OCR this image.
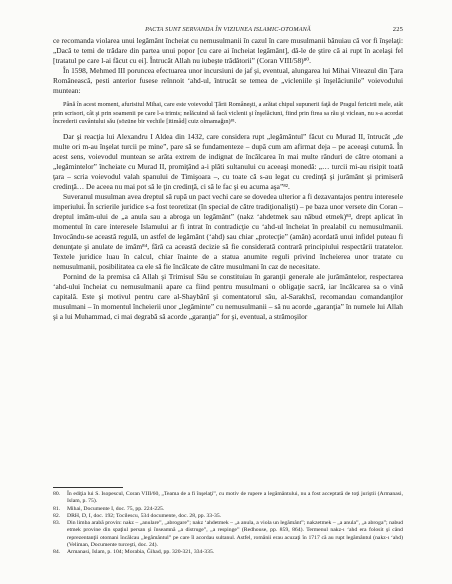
PACTA SUNT SERVANDA ÎN VIZIUNEA ISLAMIC-OTOMANĂ	225

ce recomanda violarea unui legământ încheiat cu nemusulmanii în cazul în care musulmanii bănuiau că vor fi înşelaţi: „Dacă te temi de trădare din partea unui popor [cu care ai încheiat legământ], dă-le de ştire că ai rupt în acelaşi fel [tratatul pe care l-ai făcut cu ei]. Întrucât Allah nu iubeşte trădătorii” (Coran VIII/58)⁸⁰.

În 1598, Mehmed III porunceа efectuarea unor incursiuni de jaf şi, eventual, alungarea lui Mihai Viteazul din Ţara Românească, pesti anterior fusese reînnoit ‘ahd-ul, întrucât se temea de „vicleniile şi înşelăciunile” voievodului muntean:

Până în acest moment, afurisitul Mihai, care este voievodul Ţării Româneşti, a arătat chipul supunerii faţă de Pragul fericirii mele, atât prin scrisori, cât şi prin soamenii pe care l-a trimis; nelăcuind să facă viclenii şi înşelăciuni, fiind prin firea sa rău şi viclean, nu s-a acordat încrederii cuvântului său (sözüne bir vechile [itimâd] cuiz olmamağın)⁸¹.

Dar şi reacţia lui Alexandru I Aldea din 1432, care considera rupt „legământul” făcut cu Murad II, întrucât „de multe ori m-au înşelat turcii pe mine”, pare să se fundamenteze – după cum am afirmat deja – pe aceeaşi cutumă. În acest sens, voievodul muntean se arăta extrem de indignat de încălcarea în mai multe rânduri de către otomani a „legămintelor” încheiate cu Murad II, promiţând a-i plăti sultanului cu aceeaşi monedă: „… turcii mi-au risipit toată ţara – scria voievodul valah spanului de Timişoara –, cu toate că s-au legat cu credinţă şi jurământ şi primiseră credinţă… De aceea nu mai pot să le ţin credinţă, ci să le fac şi eu acuma aşa”⁸².

Suveranul musulman avea dreptul să rupă un pact vechi care se dovedea ulterior a fi dezavantajos pentru interesele imperiului. În scrierile juridice s-a fost teoretizat (în special de către tradiţionalişti) – pe baza unor versete din Coran – dreptul imâm-ului de „a anula sau a abroga un legământ” (nakz ‘ahdetmek sau nâbud etmek)⁸³, drept aplicat în momentul în care interesele Islamului ar fi intrat în contradicţie cu ‘ahd-ul încheiat în prealabil cu nemusulmanii. Invocându-se această regulă, un astfel de legământ (‘ahd) sau chiar „protecţie” (amân) acordată unui infidel puteau fi denunţate şi anulate de imâm⁸⁴, fără ca această decizie să fie considerată contrară principiului respectării tratatelor. Textele juridice luau în calcul, chiar înainte de a statua anumite reguli privind încheierea unor tratate cu nemusulmanii, posibilitatea ca ele să fie încălcate de către musulmani în caz de necesitate.

Pornind de la premisa că Allah şi Trimisul Său se constituiau în garanţii generale ale jurământelor, respectarea ‘ahd-ului încheiat cu nemusulmanii apare ca fiind pentru musulmani o obligaţie sacră, iar încălcarea sa o vină capitală. Este şi motivul pentru care al-Shaybânî şi comentatorul său, al-Sarakhsî, recomandau comandanţilor musulmani – în momentul încheierii unor „legăminte” cu nemusulmanii – să nu acorde „garanţia” în numele lui Allah şi a lui Muhammad, ci mai degrabă să acorde „garanţia” for şi, eventual, a strămoşilor

80. În ediţia lui S. Isopescul, Coran VIII/60, „Teama de a fi înşelaţi”, cu motiv de rupere a legământului, nu a fost acceptată de toţi juriştii (Armanasi, Islam, p. 75).

81. Mihai, Documente I, doc. 75, pp. 224-225.

82. DRH, D, I, doc. 192; Tocilescu, 534 documente, doc. 28, pp. 33-35.

83. Din limba arabă provin: nakz – „anulare”, „abrogare”; nakz ‘ahdetmek – „a anula, a viola un legământ”; nakzetmek – „a anula”, „a abroga”; nabud etmek provine din spaţiul persan şi înseamnă „a distruge”, „a respinge” (Redhouse, pp. 859, 864). Termenul nakz-ı ‘ahd era folosit şi când reprezentanţii otomani încălcau „legământul” pe care îl acordau sultanul. Astfel, românii erau acuzaţi în 1717 că au rupt legământul (nakz-ı ‘ahd) (Veliman, Documente turceşti, doc. 24).

84. Armanasi, Islam, p. 104; Morabia, Ğihad, pp. 320-321, 334-335.
